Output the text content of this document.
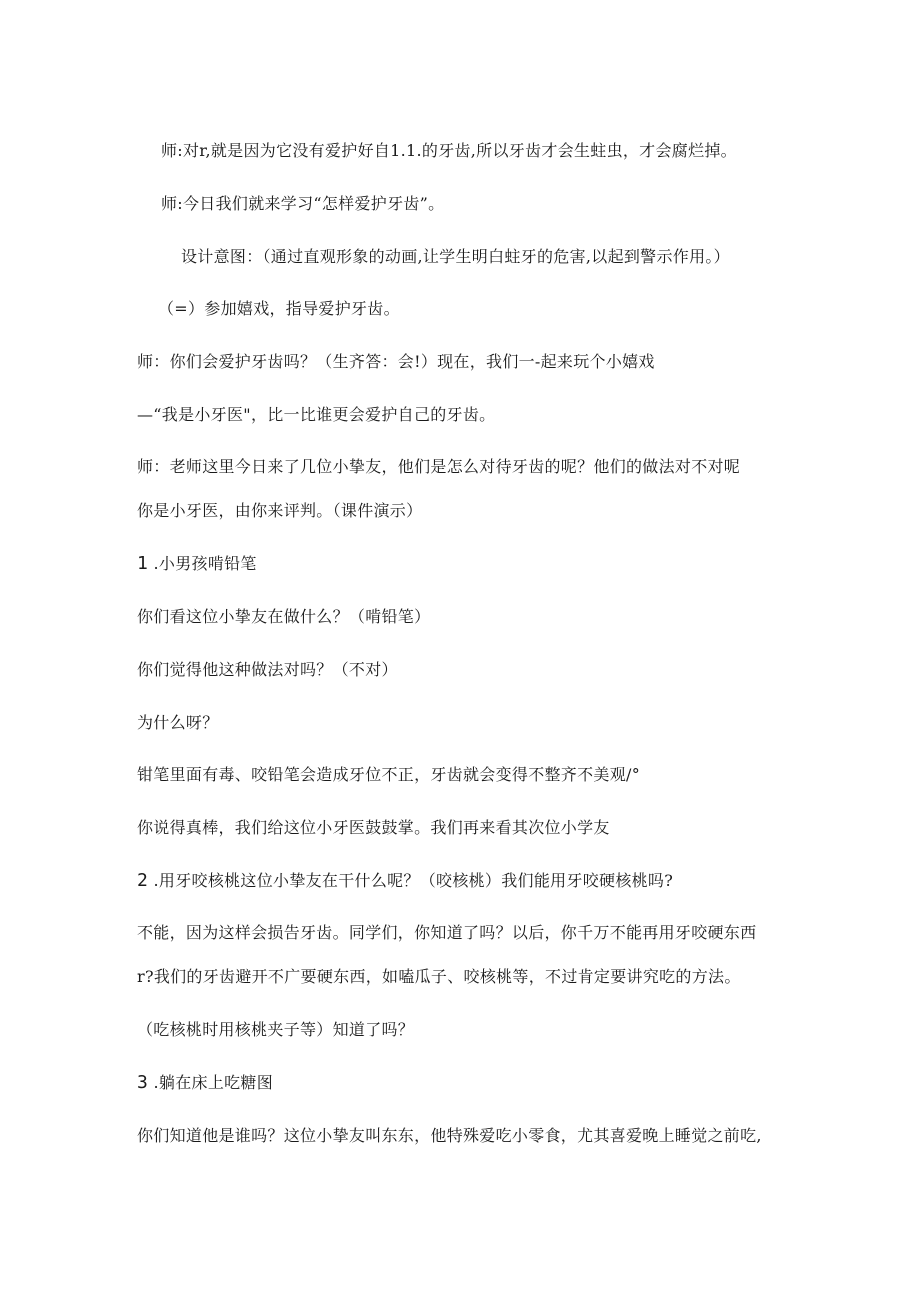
师:对r,就是因为它没有爱护好自1.1.的牙齿,所以牙齿才会生蛀虫，才会腐烂掉。
师:今日我们就来学习“怎样爱护牙齿”。
设计意图：（通过直观形象的动画,让学生明白蛀牙的危害,以起到警示作用。）
（=）参加嬉戏，指导爱护牙齿。
师：你们会爱护牙齿吗？（生齐答：会!）现在，我们一-起来玩个小嬉戏
—“我是小牙医"，比一比谁更会爱护自己的牙齿。
师：老师这里今日来了几位小挚友，他们是怎么对待牙齿的呢？他们的做法对不对呢
你是小牙医，由你来评判。（课件演示）
1 .小男孩啃铅笔
你们看这位小挚友在做什么？（啃铅笔）
你们觉得他这种做法对吗？（不对）
为什么呀？
钳笔里面有毒、咬铅笔会造成牙位不正，牙齿就会变得不整齐不美观/°
你说得真棒，我们给这位小牙医鼓鼓掌。我们再来看其次位小学友
2 .用牙咬核桃这位小挚友在干什么呢？（咬核桃）我们能用牙咬硬核桃吗?
不能，因为这样会损告牙齿。同学们，你知道了吗？以后，你千万不能再用牙咬硬东西
r?我们的牙齿避开不广要硬东西，如嗑瓜子、咬核桃等，不过肯定要讲究吃的方法。
（吃核桃时用核桃夹子等）知道了吗？
3 .躺在床上吃糖图
你们知道他是谁吗？这位小挚友叫东东，他特殊爱吃小零食，尤其喜爱晚上睡觉之前吃,
